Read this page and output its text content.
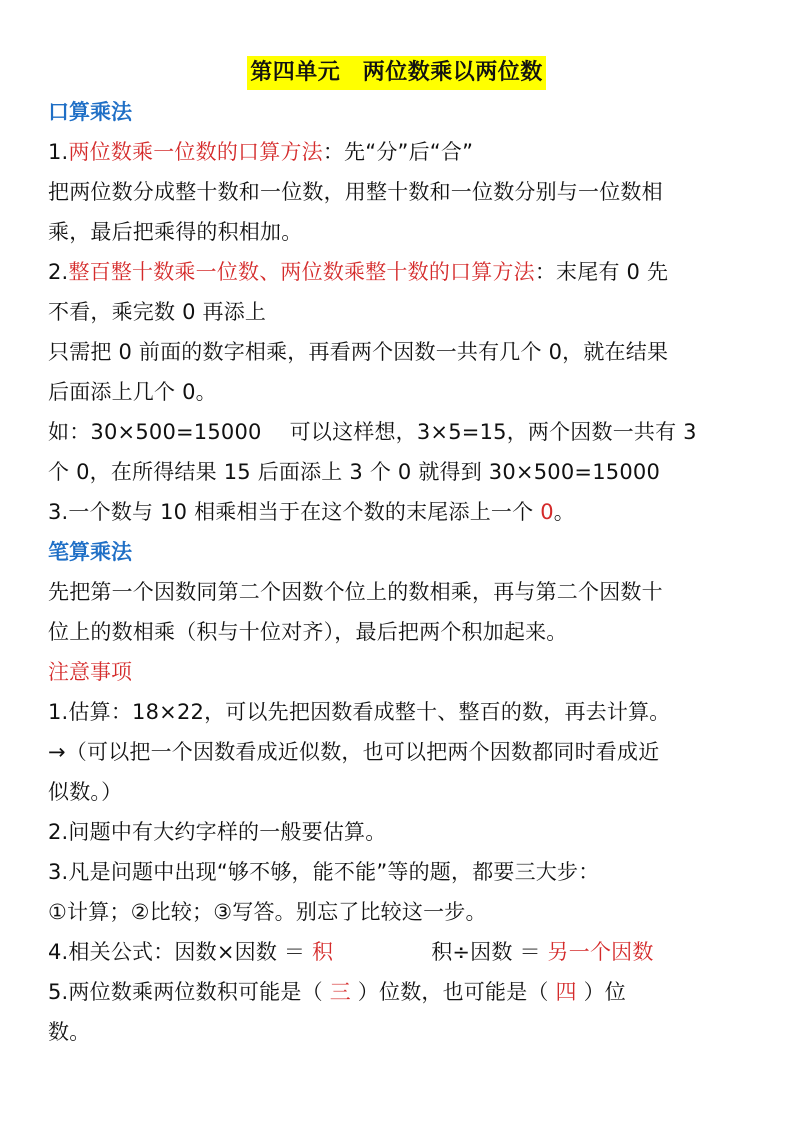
第四单元　两位数乘以两位数
口算乘法
1.两位数乘一位数的口算方法：先“分”后“合”
把两位数分成整十数和一位数，用整十数和一位数分别与一位数相
乘，最后把乘得的积相加。
2.整百整十数乘一位数、两位数乘整十数的口算方法：末尾有 0 先
不看，乘完数 0 再添上
只需把 0 前面的数字相乘，再看两个因数一共有几个 0，就在结果
后面添上几个 0。
如：30×500=15000　 可以这样想，3×5=15，两个因数一共有 3
个 0，在所得结果 15 后面添上 3 个 0 就得到 30×500=15000
3.一个数与 10 相乘相当于在这个数的末尾添上一个 0。
笔算乘法
先把第一个因数同第二个因数个位上的数相乘，再与第二个因数十
位上的数相乘（积与十位对齐），最后把两个积加起来。
注意事项
1.估算：18×22，可以先把因数看成整十、整百的数，再去计算。
→（可以把一个因数看成近似数，也可以把两个因数都同时看成近
似数。）
2.问题中有大约字样的一般要估算。
3.凡是问题中出现“够不够，能不能”等的题，都要三大步：
①计算；②比较；③写答。别忘了比较这一步。
4.相关公式：因数×因数 ＝ 积	积÷因数 ＝ 另一个因数
5.两位数乘两位数积可能是（ 三 ）位数，也可能是（ 四 ）位
数。
